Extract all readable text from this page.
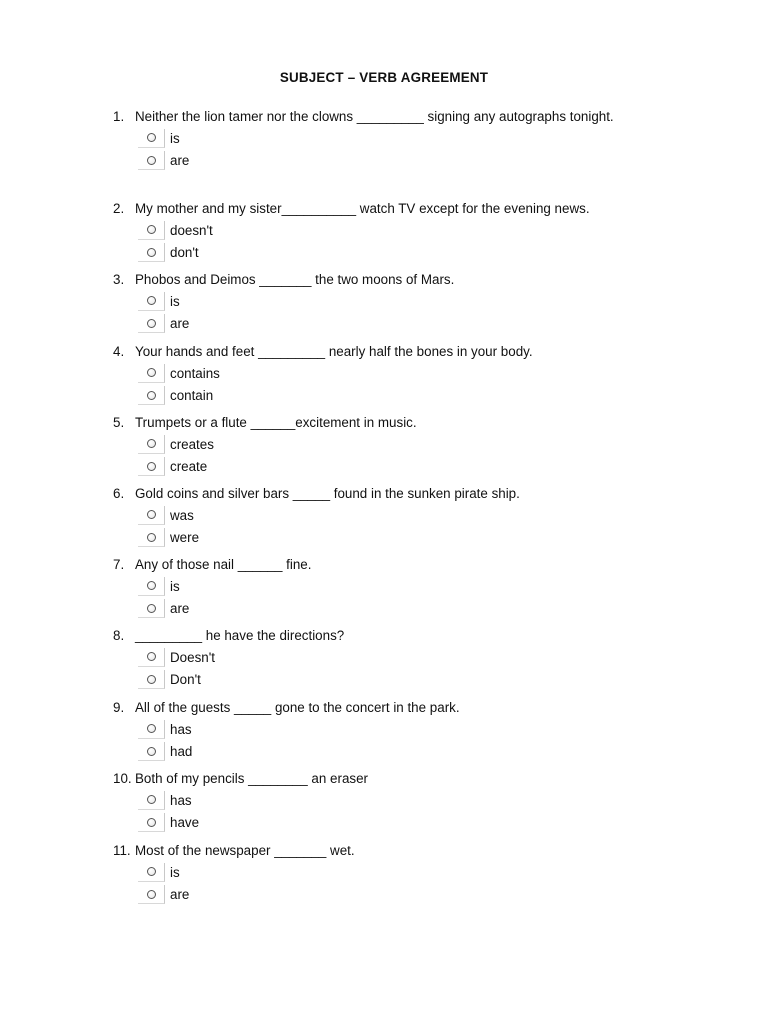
SUBJECT – VERB AGREEMENT
1. Neither the lion tamer nor the clowns _________ signing any autographs tonight.
is
are
2. My mother and my sister__________ watch TV except for the evening news.
doesn't
don't
3. Phobos and Deimos _______ the two moons of Mars.
is
are
4. Your hands and feet _________ nearly half the bones in your body.
contains
contain
5. Trumpets or a flute ______excitement in music.
creates
create
6. Gold coins and silver bars _____ found in the sunken pirate ship.
was
were
7. Any of those nail ______ fine.
is
are
8. _________ he have the directions?
Doesn't
Don't
9. All of the guests _____ gone to the concert in the park.
has
had
10. Both of my pencils ________ an eraser
has
have
11. Most of the newspaper _______ wet.
is
are
